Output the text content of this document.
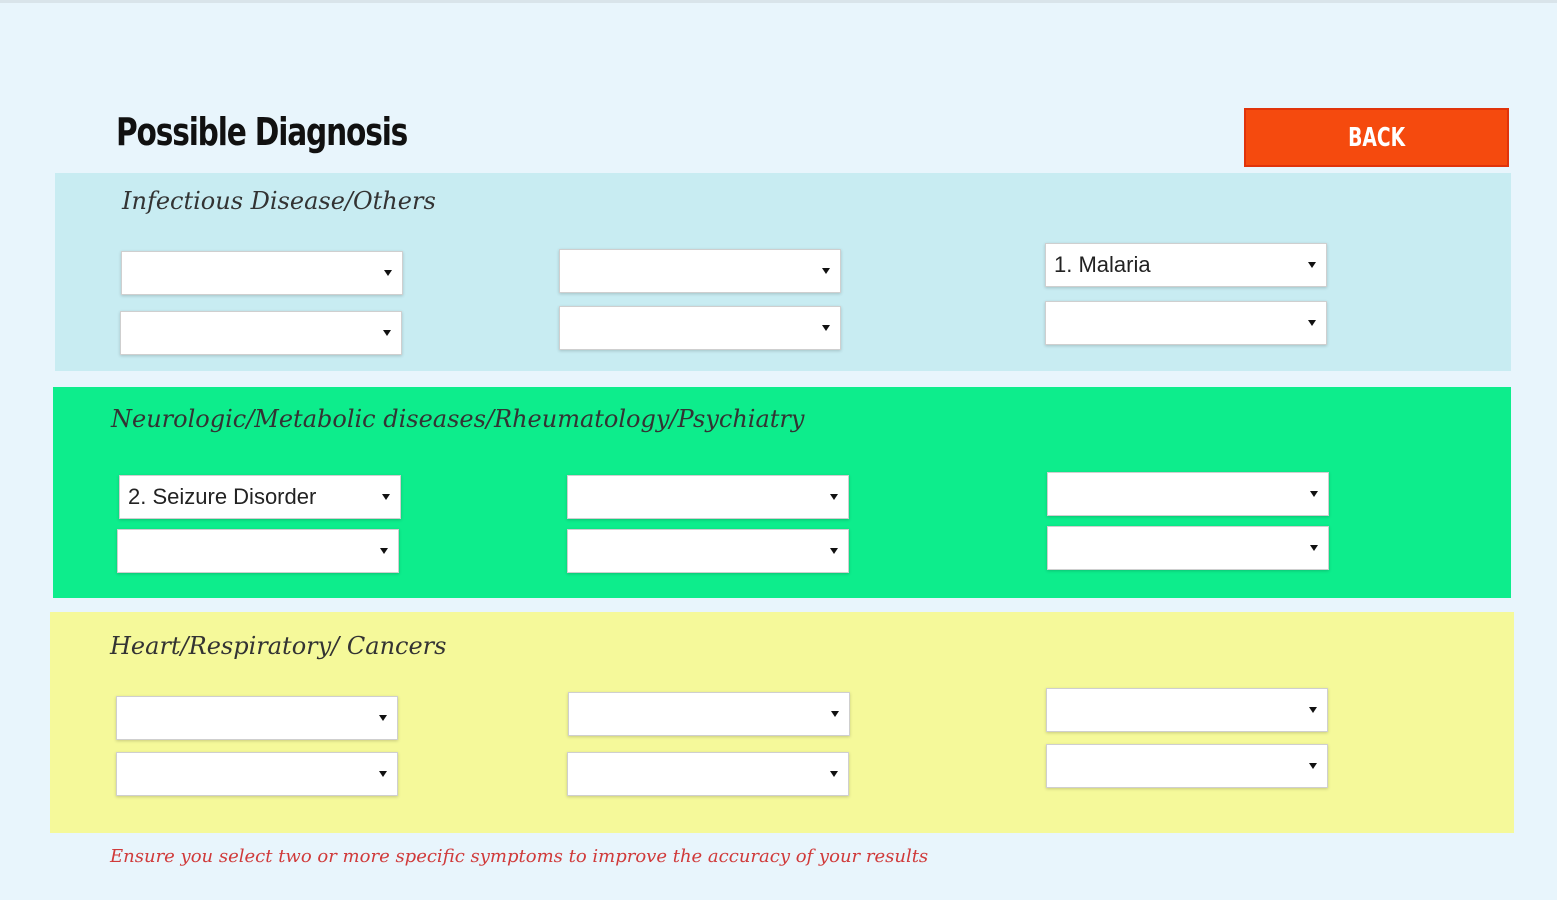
Possible Diagnosis	BACK
Infectious Disease/Others
1. Malaria
Neurologic/Metabolic diseases/Rheumatology/Psychiatry
2. Seizure Disorder
Heart/Respiratory/ Cancers

Ensure you select two or more specific symptoms to improve the accuracy of your results
